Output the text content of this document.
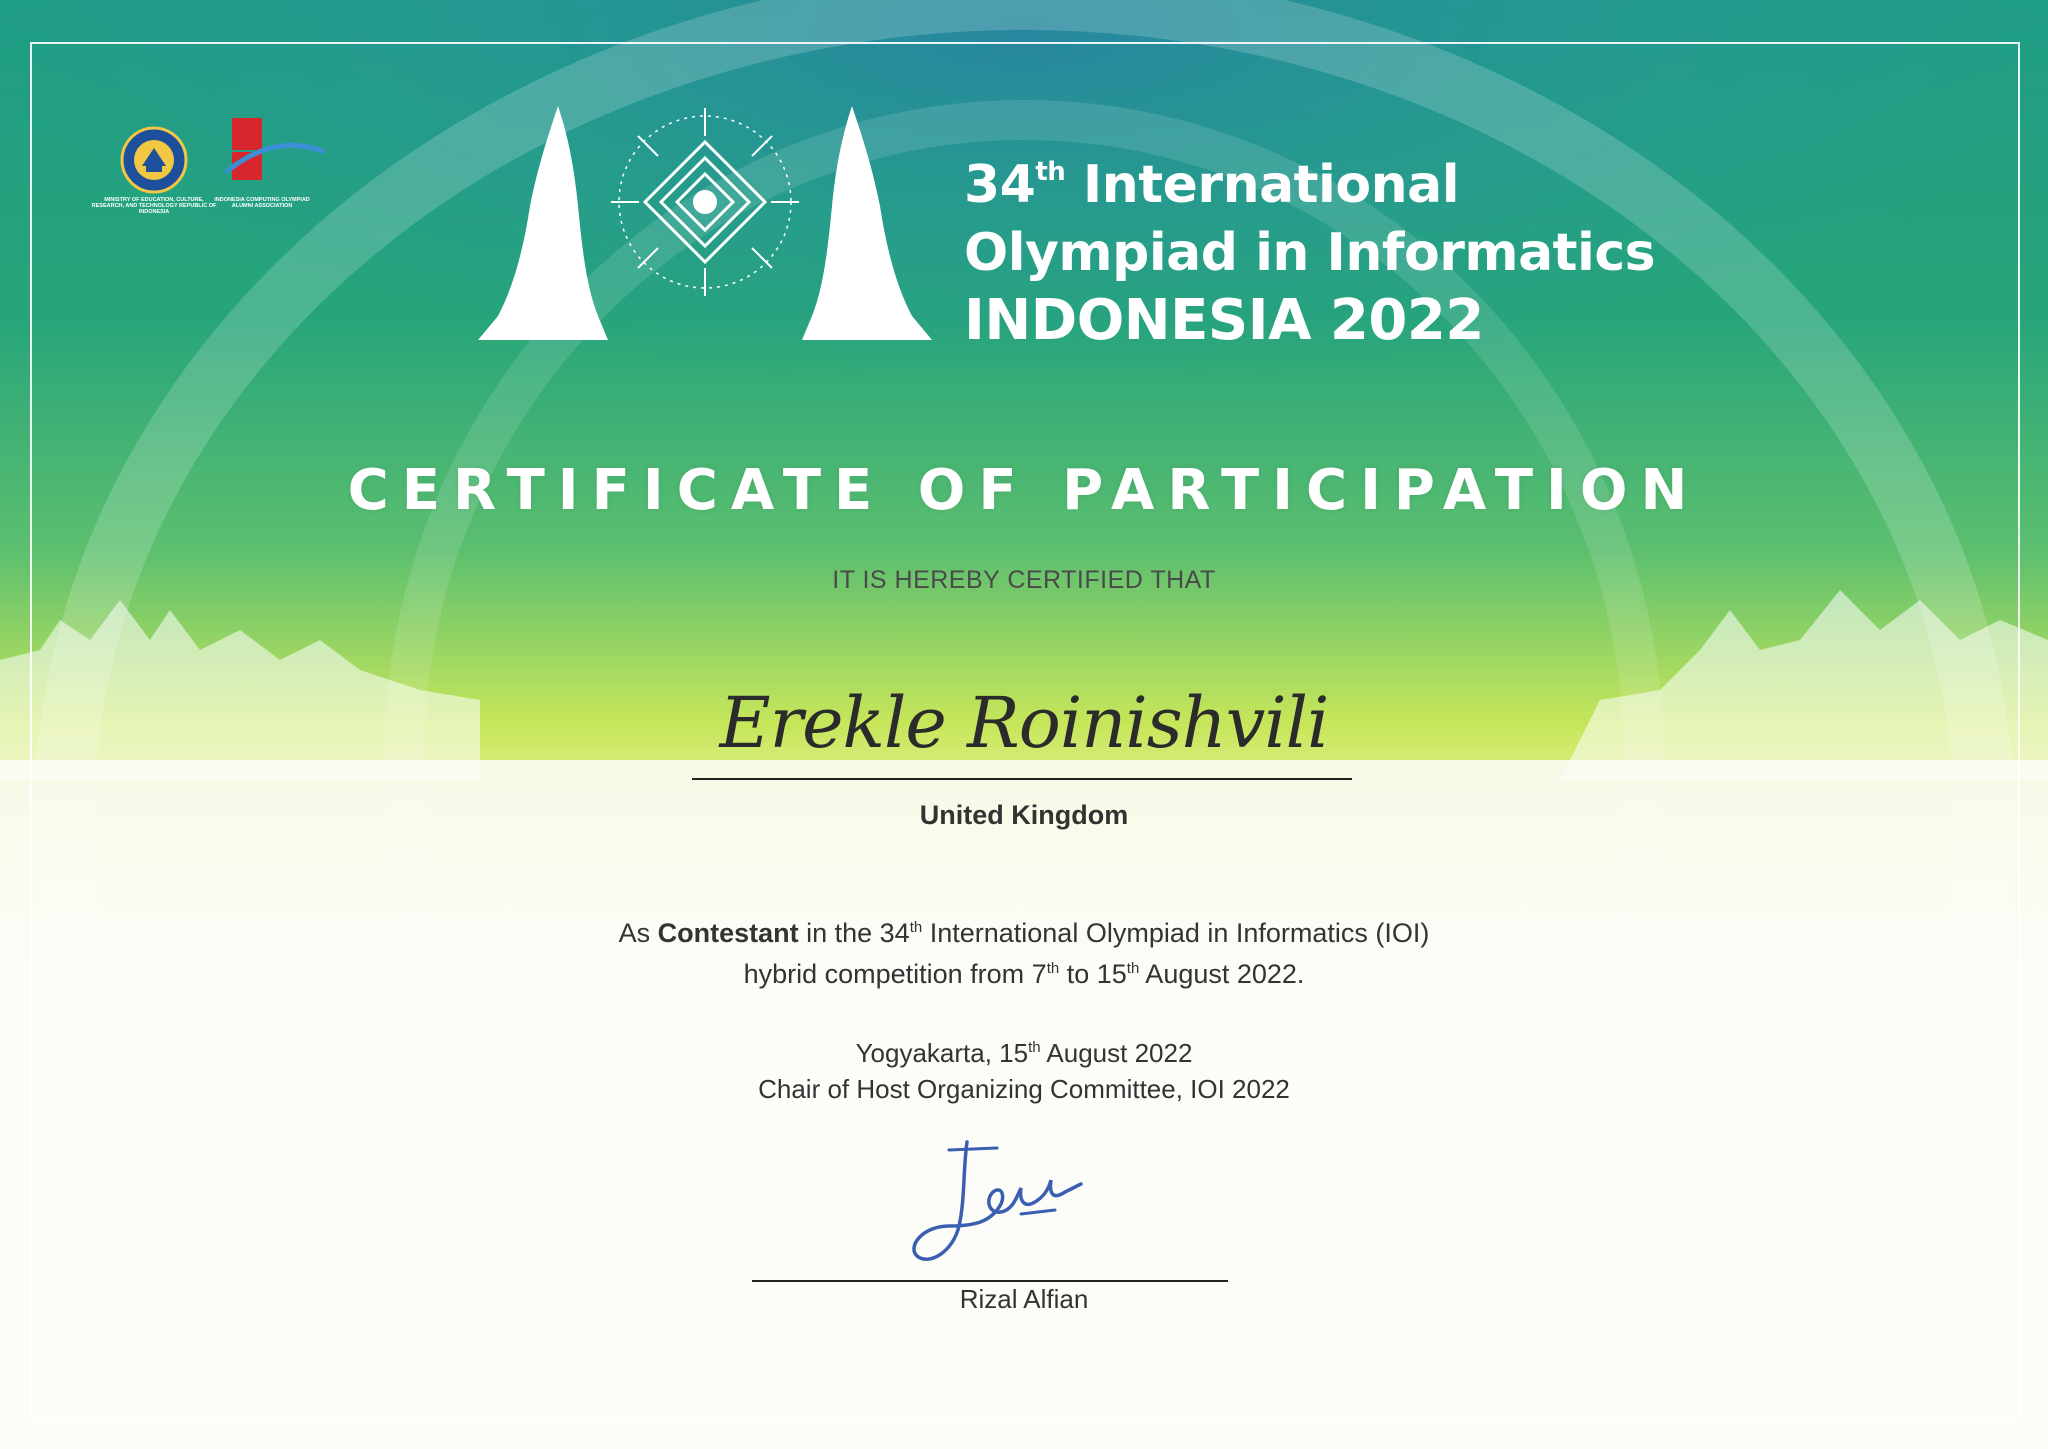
MINISTRY OF EDUCATION, CULTURE, RESEARCH, AND TECHNOLOGY REPUBLIC OF INDONESIA
INDONESIA COMPUTING OLYMPIAD ALUMNI ASSOCIATION	34th International
Olympiad in Informatics
INDONESIA 2022
CERTIFICATE OF PARTICIPATION
IT IS HEREBY CERTIFIED THAT
Erekle Roinishvili
United Kingdom
As Contestant in the 34th International Olympiad in Informatics (IOI)
hybrid competition from 7th to 15th August 2022.
Yogyakarta, 15th August 2022
Chair of Host Organizing Committee, IOI 2022
Rizal Alfian
